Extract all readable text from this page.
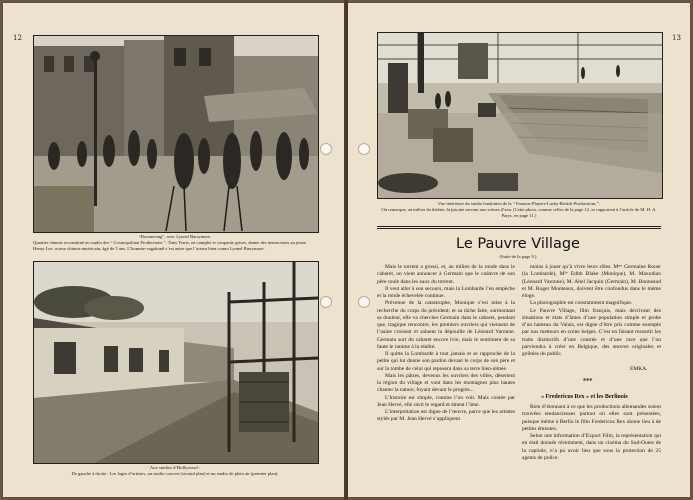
12
“Boomerang”, avec Lyonel Barrymore.
Quartier chinois reconstitué au studio des “ Cosmopolitan Productions ”. Tims Terris, en complet et casquette grises, donne des instructions au jeune Henry Lee, acteur chinois-américain, âgé de 5 ans. L’homme-vagabond s’est autre que l’acteur bien connu Lyonel Barrymore.
Aux studios d’Hollywood :
De gauche à droite : Les loges d’artistes, un studio couvert (second plan) et un studio de plein air (premier plan).
13
Vue intérieure du studio londonien de la “ Famous-Players-Lasky-British-Productions ”.
On remarque, au milieu du théâtre, la piscine servant aux scènes d’eau. (Cette photo, comme celles de la page 12, se rapportent à l’article de M. H. A. Parys, en page 11.)
Le Pauvre Village
(Suite de la page 9.)

Mais le torrent a grossi, et, au milieu de la ronde dans le cabaret, on vient annoncer à Germain que le cadavre de son père roule dans les eaux du torrent.

Il veut aller à son secours, mais la Lombarde l’en empêche et la ronde échevelée continue.

Prévenue de la catastrophe, Monique s’est mise à la recherche du corps du président; et sa tâche faite, surmontant sa douleur, elle va chercher Germain dans le cabaret, pendant que, tragique rencontre, les premiers ouvriers qui viennent de l’usine croisent et saluent la dépouille de Léonard Varonne. Germain sort du cabaret encore ivre, mais le sentiment de sa faute le ranime à la réalité.

Il quitte la Lombarde à tout jamais et se rapproche de la petite qui lui donne son pardon devant le corps de son père et sur la tombe de celui qui reposera dans sa terre bien-aimée.

Mais les pâtres, devenus les ouvriers des villes, désertent la région du village et vont dans les montagnes plus hautes chanter la nature, fuyant devant le progrès...

L’histoire est simple, comme l’on voit. Mais contée par Jean Hervé, elle ravit le regard et émeut l’âme.

L’interprétation est digne de l’œuvre, parce que les artistes stylés par M. Jean Hervé s’appliquent

moins à jouer qu’à vivre leurs rôles. Mᵐᵉ Germaine Rouer (la Lombarde), Mˡˡᵉ Edith Blake (Monique), M. Maxudian (Léonard Varonne), M. Abel Jacquin (Germain), M. Bonneaud et M. Roger Monteaux, doivent être confondus dans le même éloge.

La photographie est constamment magnifique.

Le Pauvre Village, film français, mais décrivant des situations et états d’âmes d’une population simple et probe d’un hameau du Valais, est digne d’être pris comme exemple par nos metteurs en scène belges. C’est en faisant ressortir les traits distinctifs d’une contrée et d’une race que l’on parviendra à créer en Belgique, des œuvres originales et goûtées du public.

EMKA.
***
« Fredericus Rex » et les Berlinois

Rien d’étonnant à ce que les productions allemandes soient trouvées tendancieuses partout où elles sont présentées, puisque même à Berlin le film Fredericus Rex donne lieu à de petites émeutes.

Selon une information d’Export Film, la représentation qui en était donnée récemment, dans un cinéma du Sud-Ouest de la capitale, n’a pu avoir lieu que sous la protection de 25 agents de police.
